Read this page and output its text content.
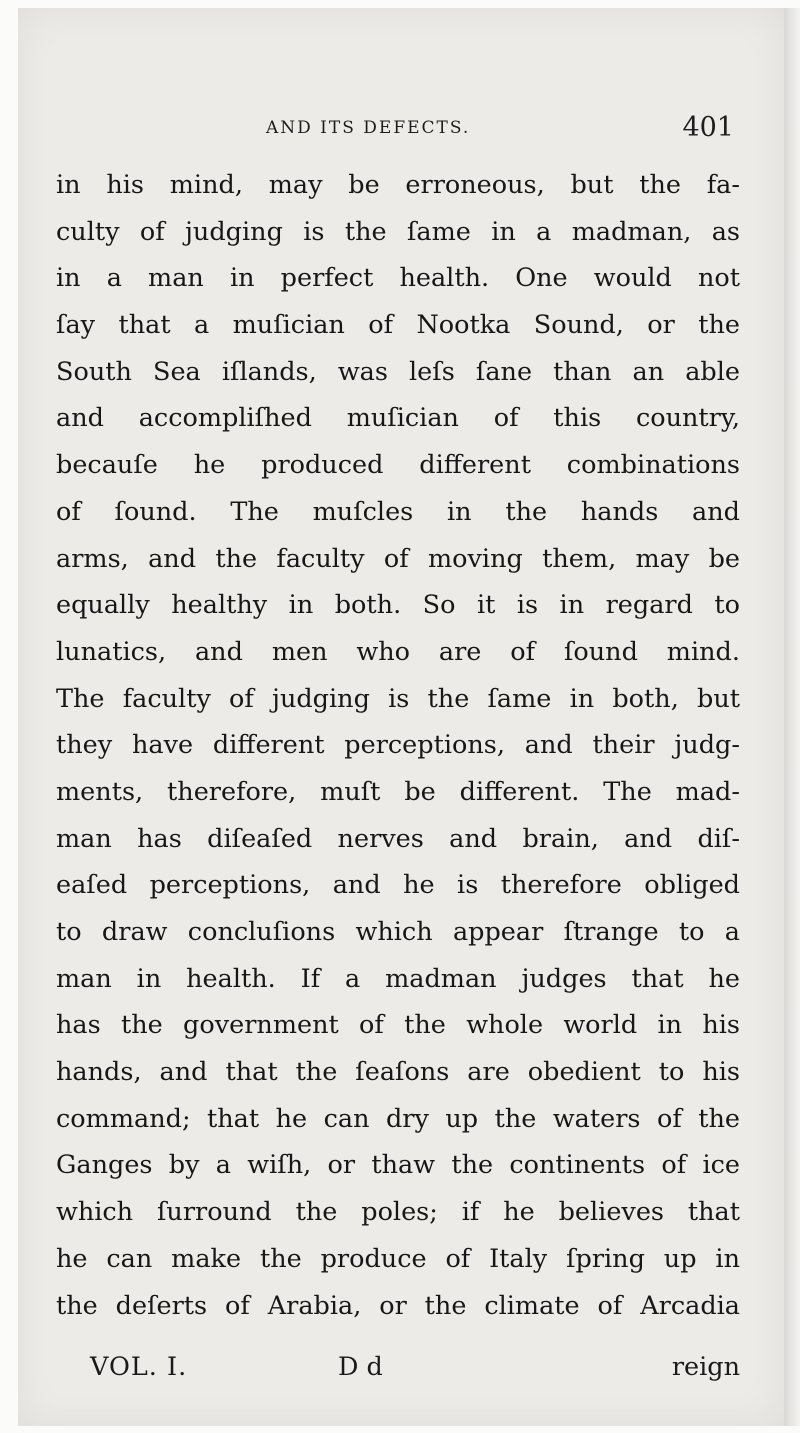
AND ITS DEFECTS.	401
in his mind, may be erroneous, but the fa-
culty of judging is the ſame in a madman, as
in a man in perfect health. One would not
ſay that a muſician of Nootka Sound, or the
South Sea iſlands, was leſs ſane than an able
and accompliſhed muſician of this country,
becauſe he produced different combinations
of ſound. The muſcles in the hands and
arms, and the faculty of moving them, may be
equally healthy in both. So it is in regard to
lunatics, and men who are of ſound mind.
The faculty of judging is the ſame in both, but
they have different perceptions, and their judg-
ments, therefore, muſt be different. The mad-
man has diſeaſed nerves and brain, and diſ-
eaſed perceptions, and he is therefore obliged
to draw concluſions which appear ſtrange to a
man in health. If a madman judges that he
has the government of the whole world in his
hands, and that the ſeaſons are obedient to his
command; that he can dry up the waters of the
Ganges by a wiſh, or thaw the continents of ice
which ſurround the poles; if he believes that
he can make the produce of Italy ſpring up in
the deſerts of Arabia, or the climate of Arcadia
VOL. I.	D d	reign
